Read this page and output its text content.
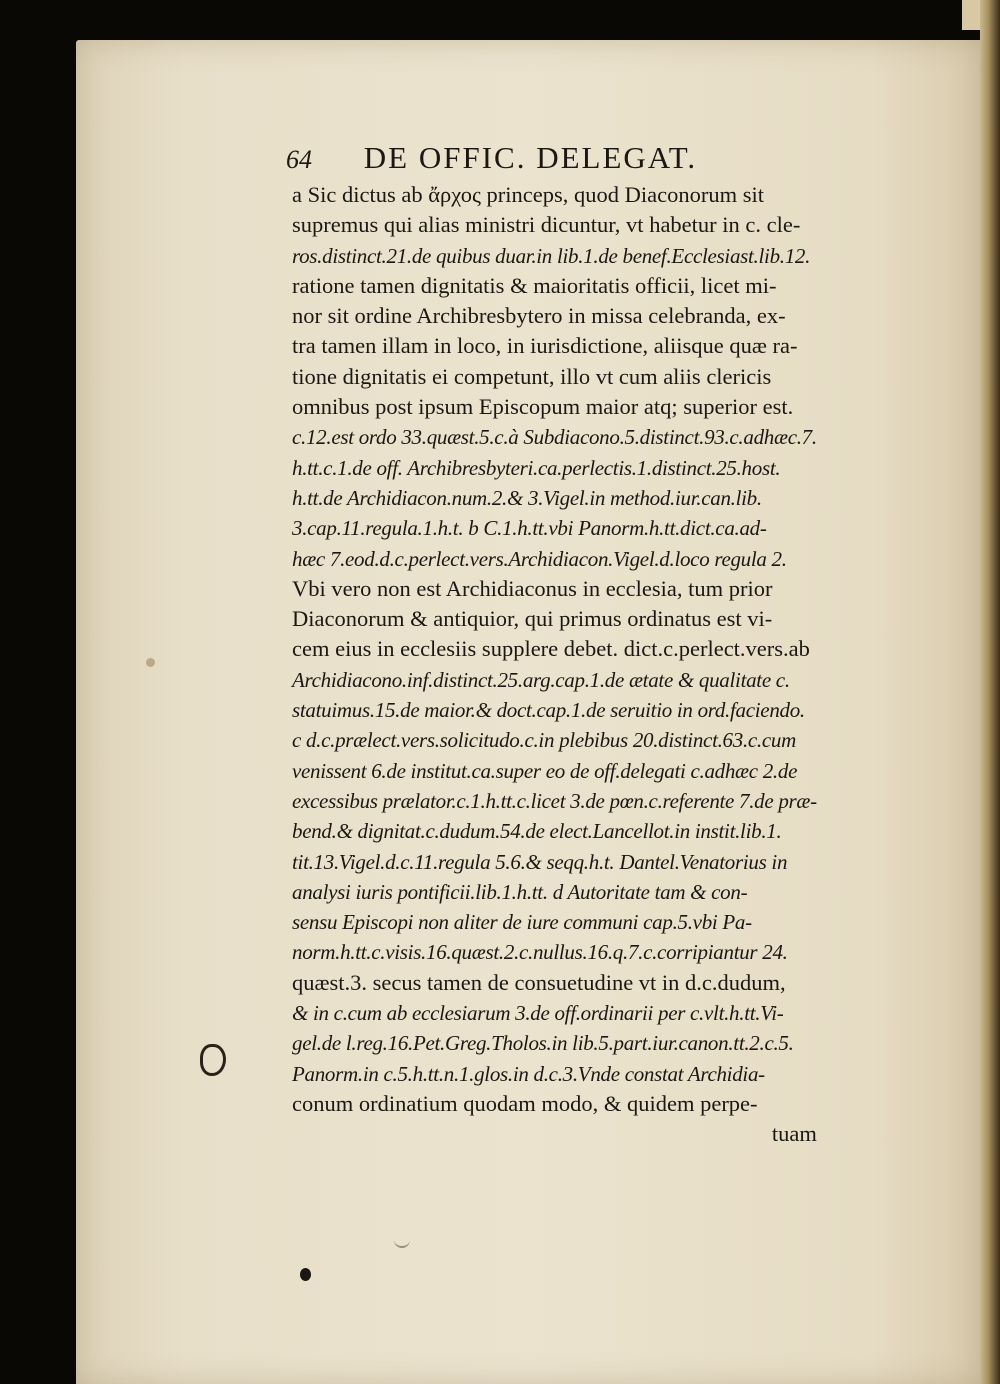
64 DE OFFIC. DELEGAT.
a Sic dictus ab ἄρχος princeps, quod Diaconorum sit
supremus qui alias ministri dicuntur, vt habetur in c. cle-
ros.distinct.21.de quibus duar.in lib.1.de benef.Ecclesiast.lib.12.
ratione tamen dignitatis & maioritatis officii, licet mi-
nor sit ordine Archibresbytero in missa celebranda, ex-
tra tamen illam in loco, in iurisdictione, aliisque quæ ra-
tione dignitatis ei competunt, illo vt cum aliis clericis
omnibus post ipsum Episcopum maior atq; superior est.
c.12.est ordo 33.quæst.5.c.à Subdiacono.5.distinct.93.c.adhæc.7.
h.tt.c.1.de off. Archibresbyteri.ca.perlectis.1.distinct.25.host.
h.tt.de Archidiacon.num.2.& 3.Vigel.in method.iur.can.lib.
3.cap.11.regula.1.h.t. b C.1.h.tt.vbi Panorm.h.tt.dict.ca.ad-
hæc 7.eod.d.c.perlect.vers.Archidiacon.Vigel.d.loco regula 2.
Vbi vero non est Archidiaconus in ecclesia, tum prior
Diaconorum & antiquior, qui primus ordinatus est vi-
cem eius in ecclesiis supplere debet. dict.c.perlect.vers.ab
Archidiacono.inf.distinct.25.arg.cap.1.de ætate & qualitate c.
statuimus.15.de maior.& doct.cap.1.de seruitio in ord.faciendo.
c d.c.prælect.vers.solicitudo.c.in plebibus 20.distinct.63.c.cum
venissent 6.de institut.ca.super eo de off.delegati c.adhæc 2.de
excessibus prælator.c.1.h.tt.c.licet 3.de pœn.c.referente 7.de præ-
bend.& dignitat.c.dudum.54.de elect.Lancellot.in instit.lib.1.
tit.13.Vigel.d.c.11.regula 5.6.& seqq.h.t. Dantel.Venatorius in
analysi iuris pontificii.lib.1.h.tt. d Autoritate tam & con-
sensu Episcopi non aliter de iure communi cap.5.vbi Pa-
norm.h.tt.c.visis.16.quæst.2.c.nullus.16.q.7.c.corripiantur 24.
quæst.3. secus tamen de consuetudine vt in d.c.dudum,
& in c.cum ab ecclesiarum 3.de off.ordinarii per c.vlt.h.tt.Vi-
gel.de l.reg.16.Pet.Greg.Tholos.in lib.5.part.iur.canon.tt.2.c.5.
Panorm.in c.5.h.tt.n.1.glos.in d.c.3.Vnde constat Archidia-
conum ordinatium quodam modo, & quidem perpe-
tuam
